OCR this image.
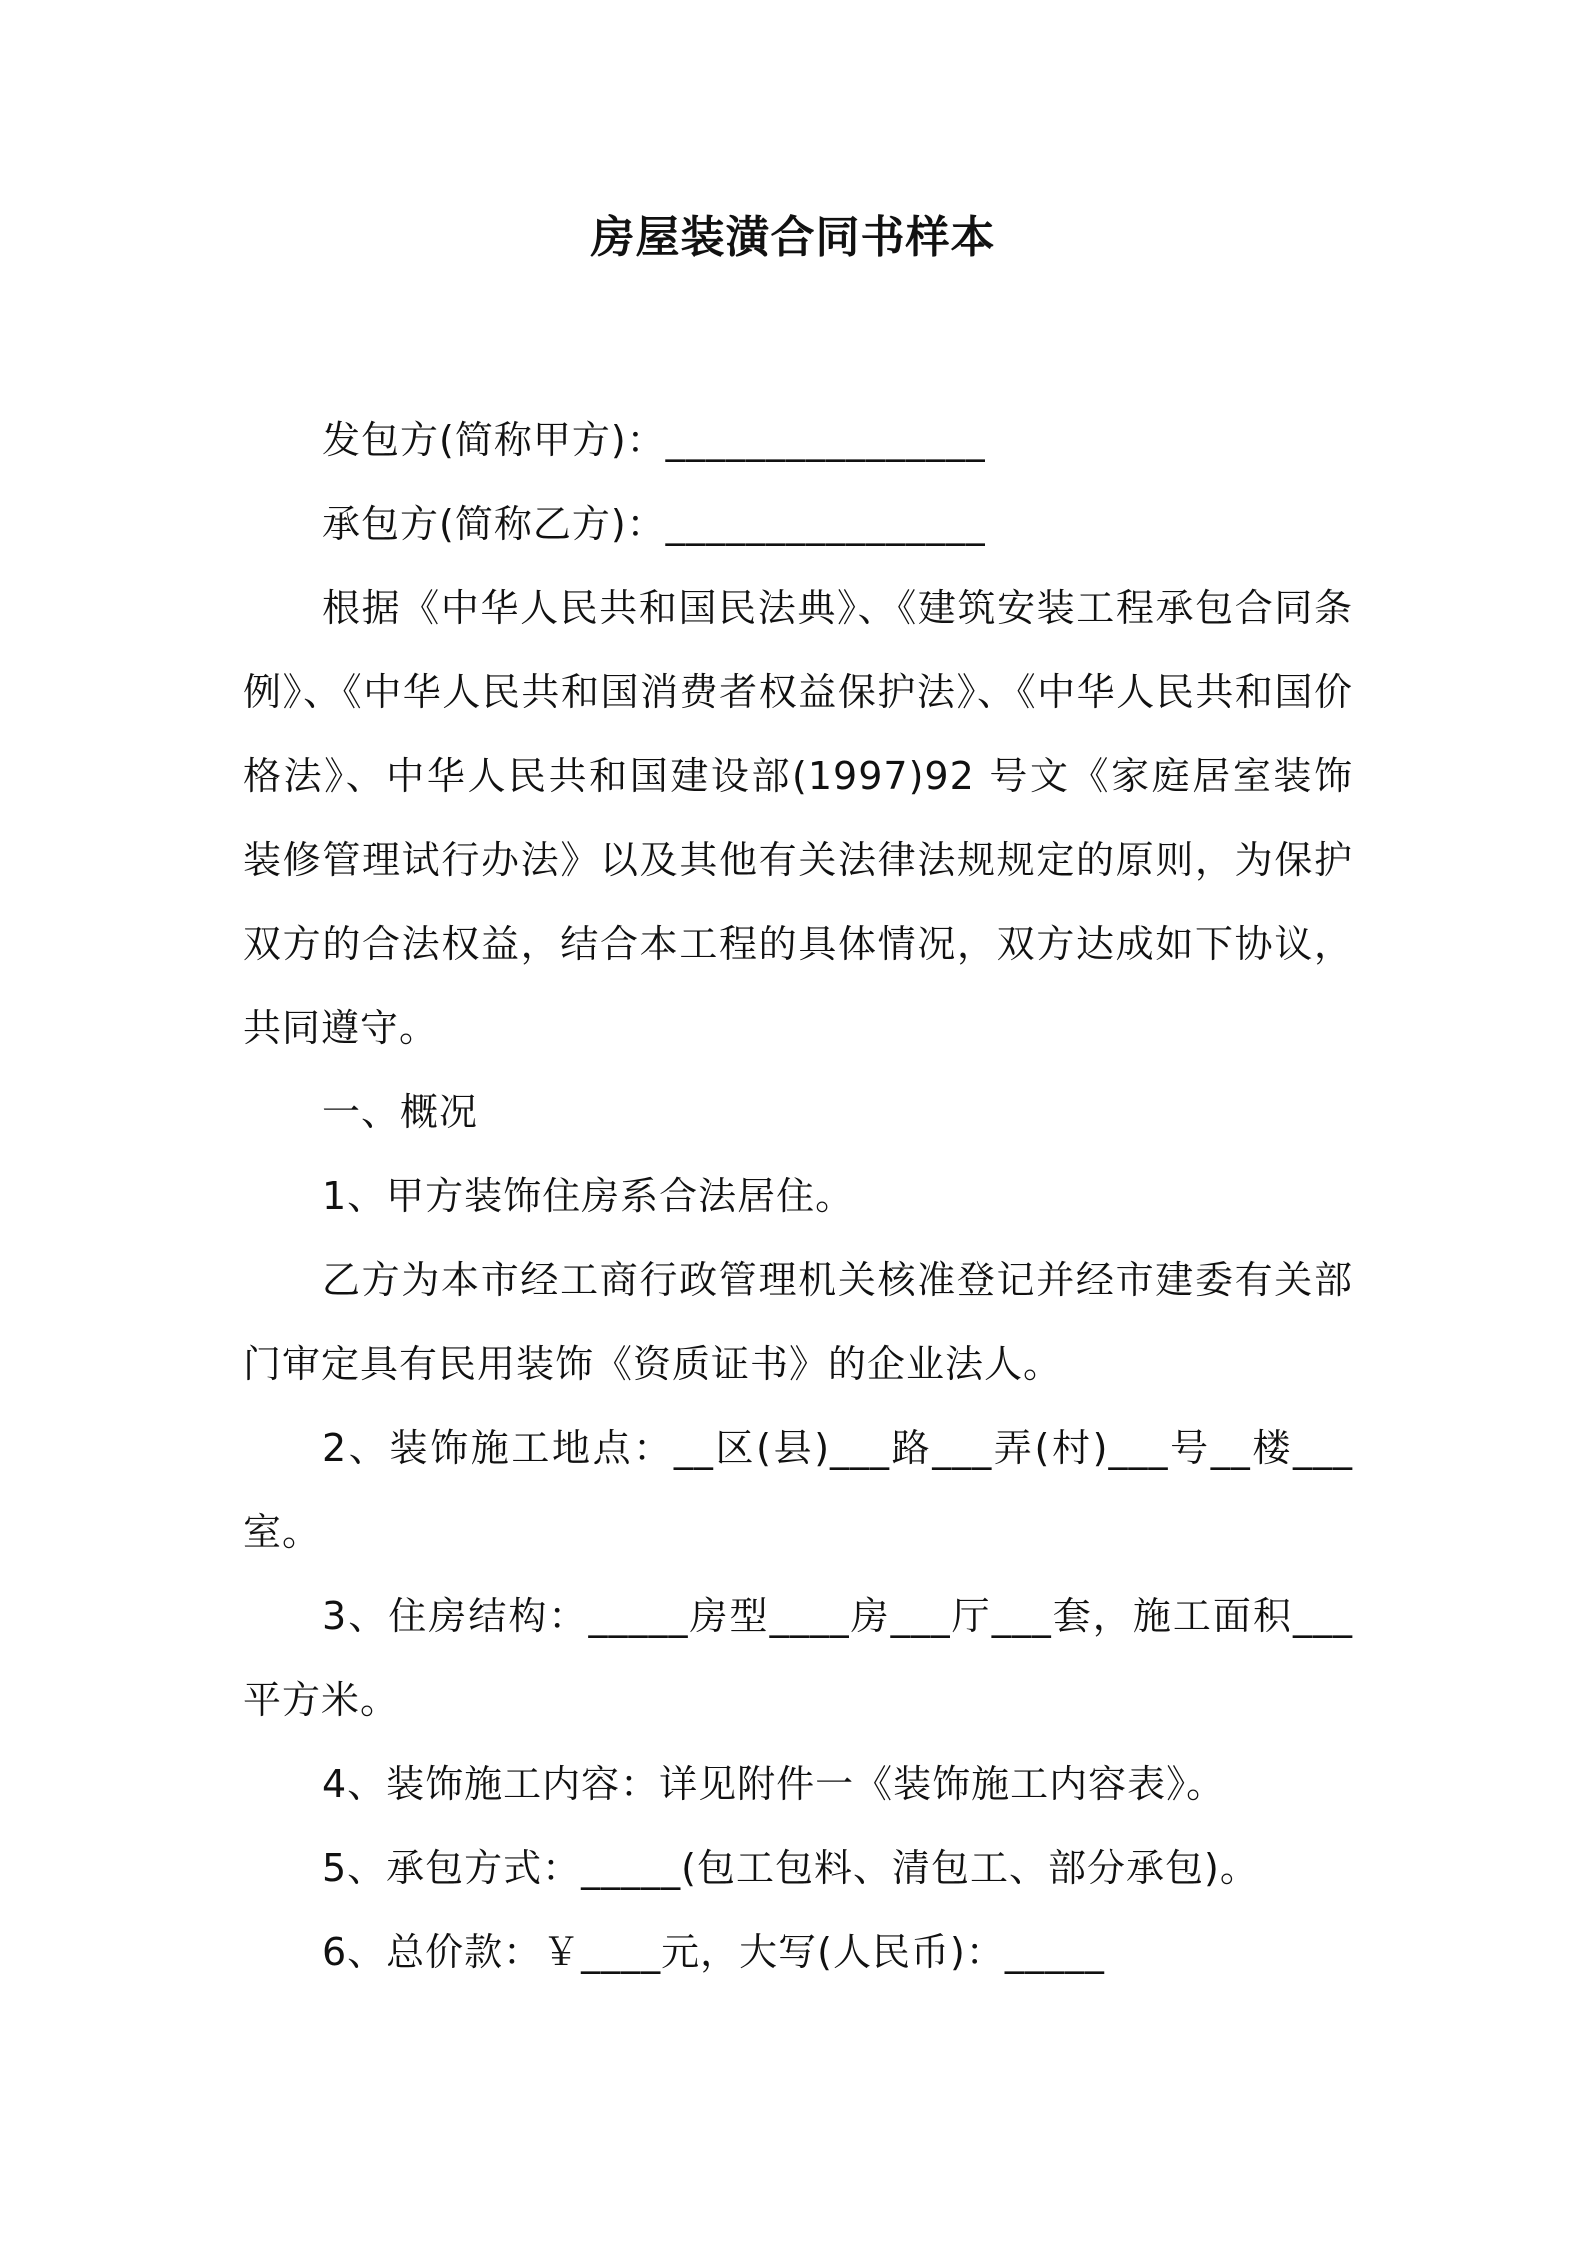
房屋装潢合同书样本

发包方(简称甲方)：________________

承包方(简称乙方)：________________

根据《中华人民共和国民法典》、《建筑安装工程承包合同条例》、《中华人民共和国消费者权益保护法》、《中华人民共和国价格法》、中华人民共和国建设部(1997)92 号文《家庭居室装饰装修管理试行办法》以及其他有关法律法规规定的原则，为保护双方的合法权益，结合本工程的具体情况，双方达成如下协议，共同遵守。

一、概况

1、甲方装饰住房系合法居住。

乙方为本市经工商行政管理机关核准登记并经市建委有关部门审定具有民用装饰《资质证书》的企业法人。

2、装饰施工地点：__区(县)___路___弄(村)___号__楼___室。

3、住房结构：_____房型____房___厅___套，施工面积___平方米。

4、装饰施工内容：详见附件一《装饰施工内容表》。

5、承包方式：_____(包工包料、清包工、部分承包)。

6、总价款：￥____元，大写(人民币)：_____
